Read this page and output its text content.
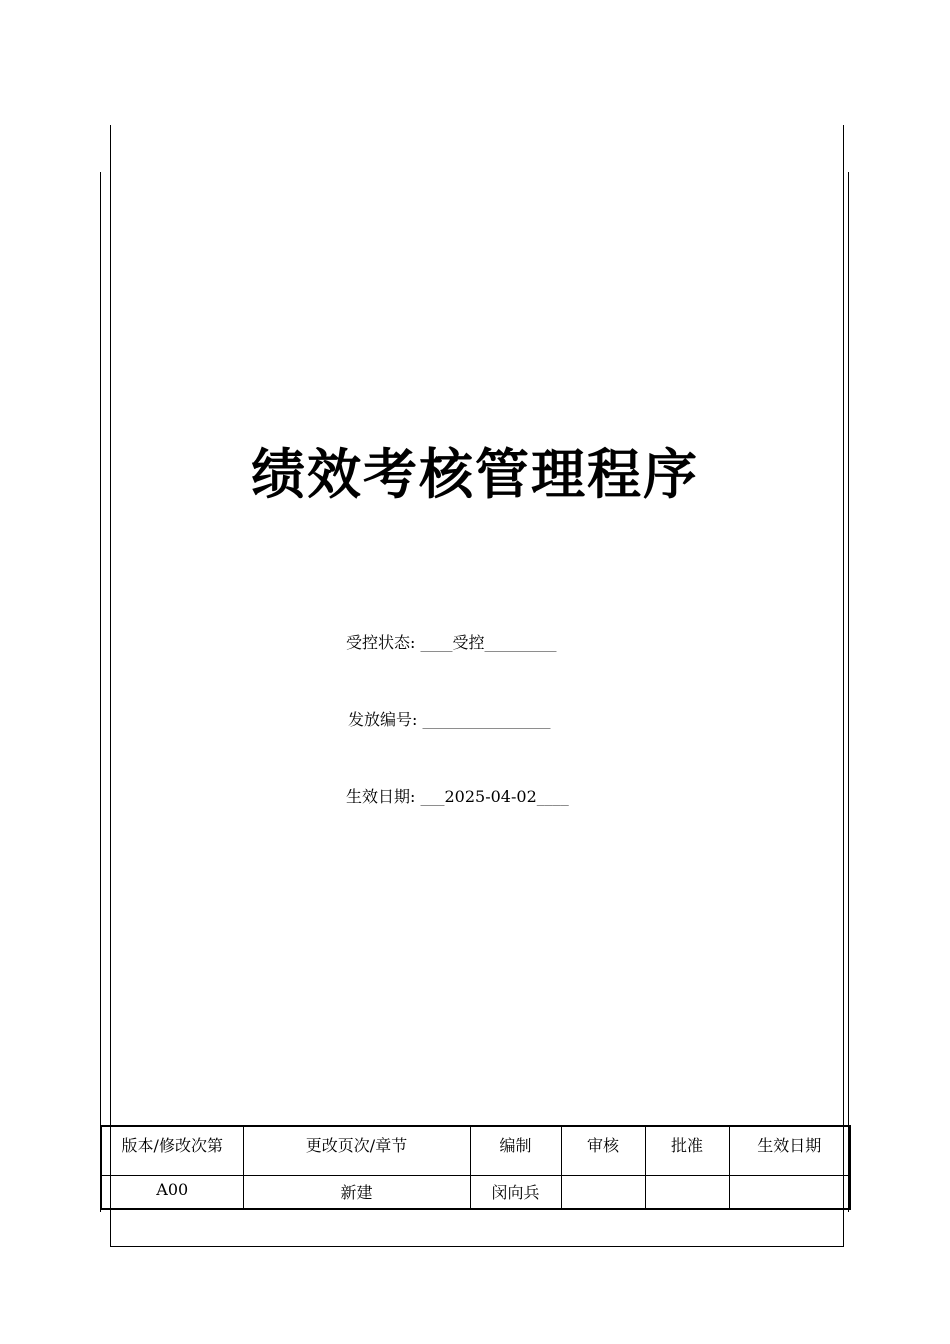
绩效考核管理程序
受控状态: ____受控_________
发放编号: ________________
生效日期: ___2025-04-02____
版本/修改次第	更改页次/章节	编制	审核	批准	生效日期
A00	新建	闵向兵			
